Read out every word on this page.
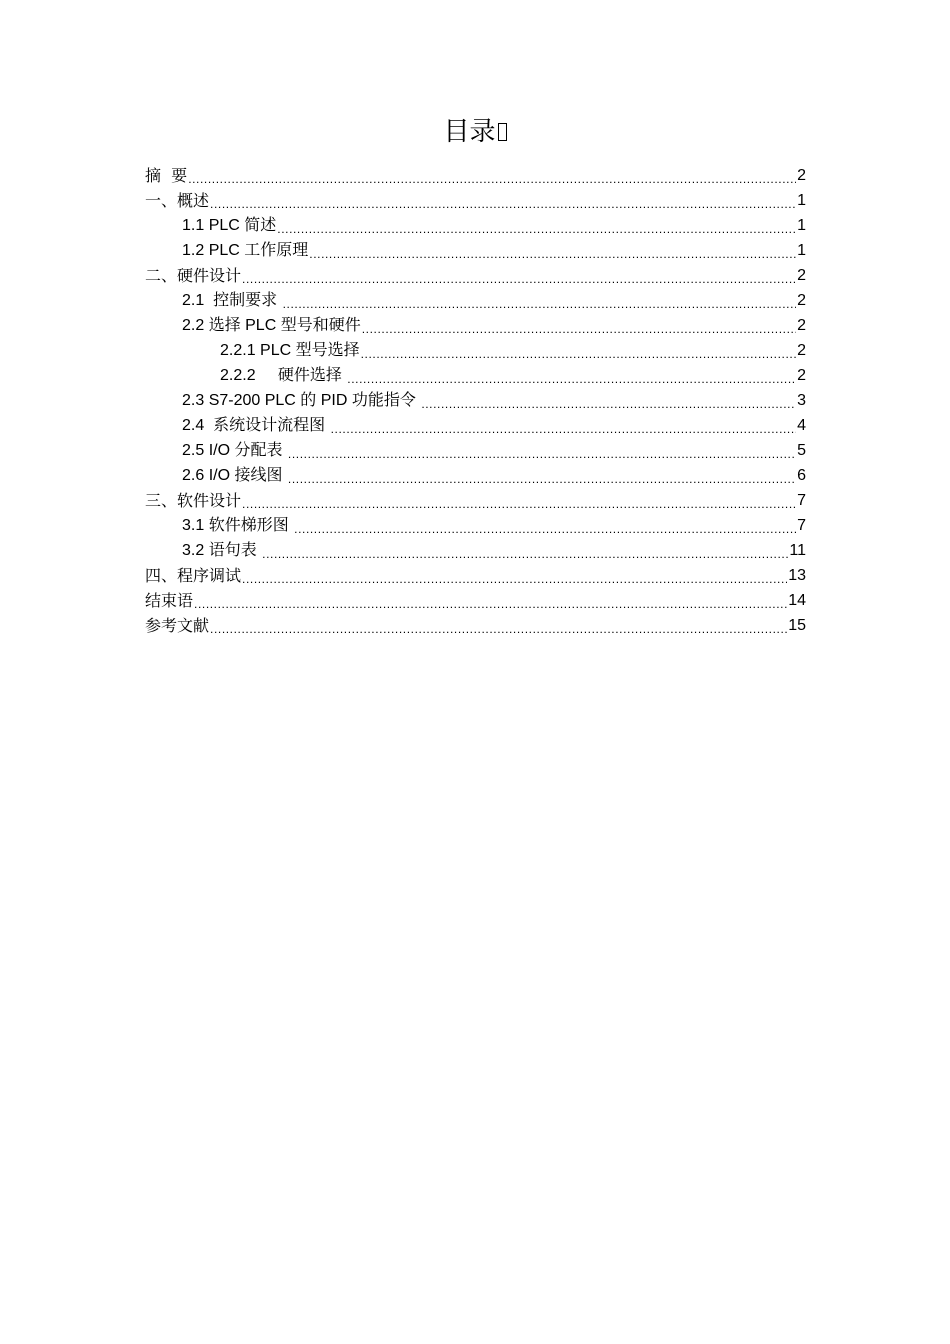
目录
摘  要 .....	2
一、概述 .....	1
1.1 PLC 简述 .....	1
1.2 PLC 工作原理 .....	1
二、硬件设计 .....	2
2.1  控制要求 .....	2
2.2 选择 PLC 型号和硬件 .....	2
2.2.1 PLC 型号选择 .....	2
2.2.2     硬件选择 .....	2
2.3 S7-200 PLC 的 PID 功能指令 .....	3
2.4  系统设计流程图 .....	4
2.5 I/O 分配表 .....	5
2.6 I/O 接线图 .....	6
三、软件设计 .....	7
3.1 软件梯形图 .....	7
3.2 语句表 .....	11
四、程序调试 .....	13
结束语 .....	14
参考文献 .....	15
